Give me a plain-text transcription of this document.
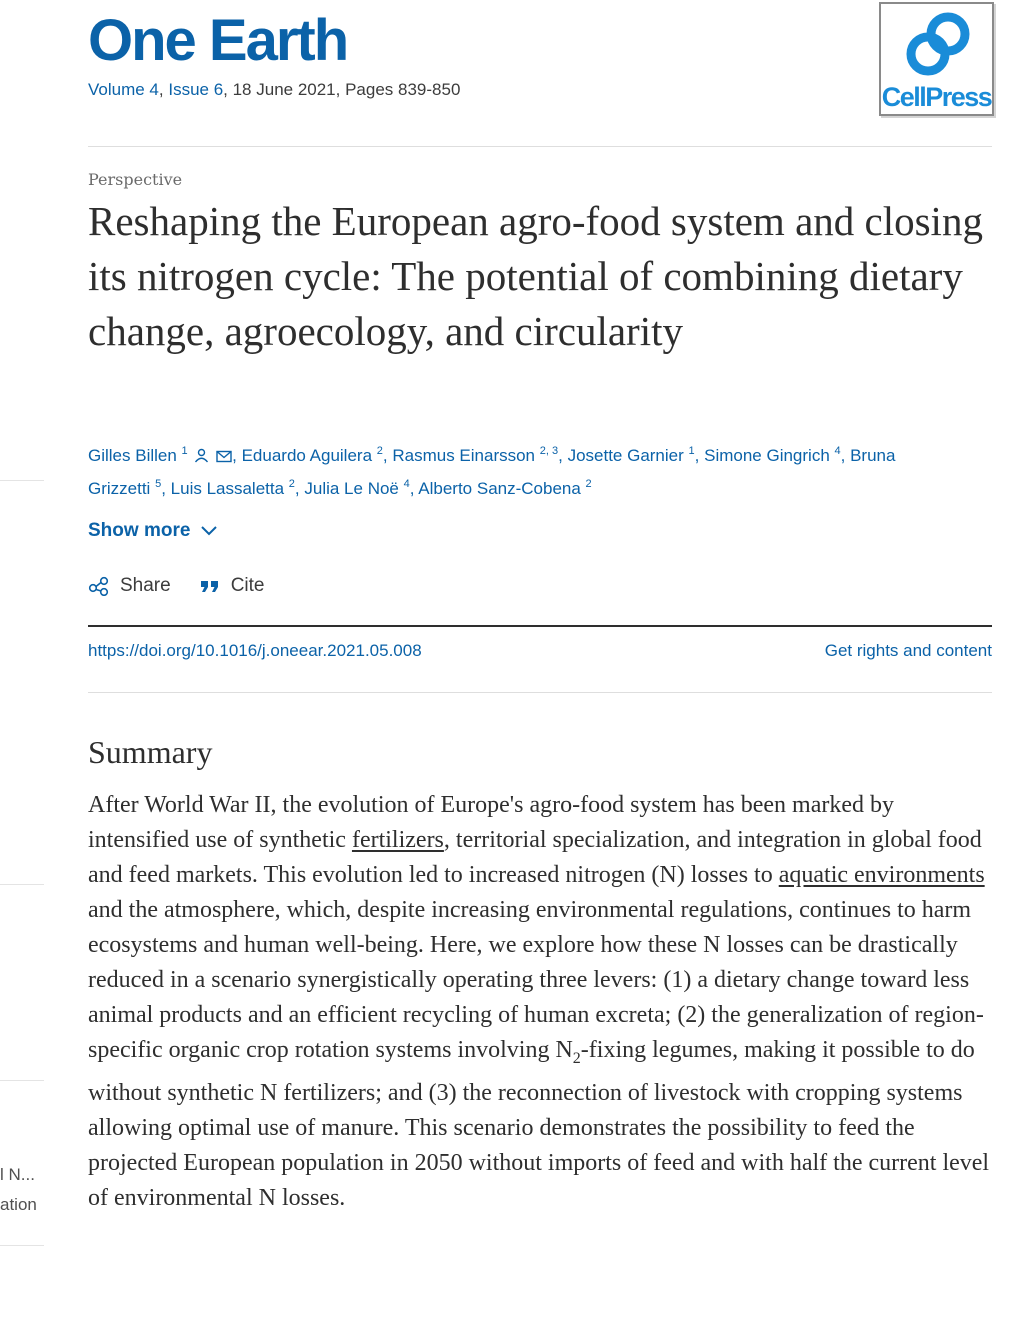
l N...
ation
One Earth
Volume 4, Issue 6, 18 June 2021, Pages 839-850	CellPress
Perspective
Reshaping the European agro-food system and closing its nitrogen cycle: The potential of combining dietary change, agroecology, and circularity
Gilles Billen $^1$	, Eduardo Aguilera $^2$, Rasmus Einarsson $^{2, 3}$, Josette Garnier $^1$, Simone Gingrich $^4$, Bruna Grizzetti $^5$, Luis Lassaletta $^2$, Julia Le Noë $^4$, Alberto Sanz-Cobena $^2$
Show more
Share	Cite
https://doi.org/10.1016/j.oneear.2021.05.008	Get rights and content
Summary

After World War II, the evolution of Europe's agro-food system has been marked by intensified use of synthetic fertilizers, territorial specialization, and integration in global food and feed markets. This evolution led to increased nitrogen (N) losses to aquatic environments and the atmosphere, which, despite increasing environmental regulations, continues to harm ecosystems and human well-being. Here, we explore how these N losses can be drastically reduced in a scenario synergistically operating three levers: (1) a dietary change toward less animal products and an efficient recycling of human excreta; (2) the generalization of region-specific organic crop rotation systems involving $N_2$-fixing legumes, making it possible to do without synthetic N fertilizers; and (3) the reconnection of livestock with cropping systems allowing optimal use of manure. This scenario demonstrates the possibility to feed the projected European population in 2050 without imports of feed and with half the current level of environmental N losses.
